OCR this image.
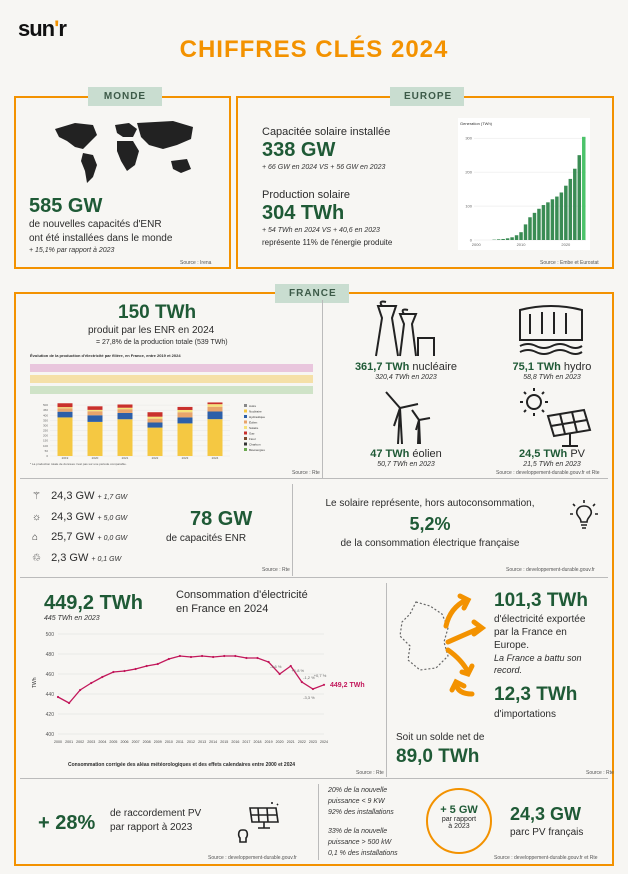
sun'r
CHIFFRES CLÉS 2024
MONDE
585 GW
de nouvelles capacités d'ENR
ont été installées dans le monde
+ 15,1% par rapport à 2023
Source : Irena
EUROPE
Capacitée solaire installée
338 GW
+ 66 GW en 2024 VS + 56 GW en 2023
Production solaire
304 TWh
+ 54 TWh en 2024 VS + 40,6 en 2023
représente 11% de l'énergie produite
Source : Embe et Eurostat
Generation (TWh)
0
100
200
300
2000	2010	2020
FRANCE
150 TWh
produit par les ENR en 2024
= 27,8% de la production totale (539 TWh)
Évolution de la production d'électricité par filière, en France, entre 2019 et 2024
0
50
100
150
200
250
300
350
400
450
500
2019	2020	2021	2022	2023	2024
Autre
Nucléaire
Hydraulique
Éolien
Solaire
Gaz
Fioul
Charbon
Bioénergies
* La production totale de données n'est pas sur une période comparable.
Source : Rte
361,7 TWh nucléaire
320,4 TWh en 2023
75,1 TWh hydro
58,8 TWh en 2023
47 TWh éolien
50,7 TWh en 2023
24,5 TWh PV
21,5 TWh en 2023
Source : developpement-durable.gouv.fr et Rte
⚚ 24,3 GW + 1,7 GW
☼ 24,3 GW + 5,0 GW
⌂ 25,7 GW + 0,0 GW
♲ 2,3 GW + 0,1 GW
78 GW
de capacités ENR
Source : Rte
Le solaire représente, hors autoconsommation,
5,2%
de la consommation électrique française
Source : developpement-durable.gouv.fr
449,2 TWh
445 TWh en 2023
Consommation d'électricité
en France en 2024
400
420
440
460
480
500
TWh
2000 2001 2002 2003 2004 2005 2006 2007 2008 2009 2010 2011 2012 2013 2014 2015 2016 2017 2018 2019 2020 2021 2022 2023 2024
-3,6 %
+1,8 %
-1,2 % +0,7 %
-3,3 %
449,2 TWh
Consommation corrigée des aléas météorologiques et des effets calendaires entre 2000 et 2024
Source : Rte
101,3 TWh
d'électricité exportée
par la France en
Europe.
La France a battu son
record.
12,3 TWh
d'importations
Soit un solde net de
89,0 TWh
Source : Rte
+ 28% de raccordement PV
par rapport à 2023
Source : developpement-durable.gouv.fr
20% de la nouvelle
puissance < 9 KW
92% des installations
33% de la nouvelle
puissance > 500 kW
0,1 % des installations
+ 5 GW
par rapport
à 2023
24,3 GW
parc PV français
Source : developpement-durable.gouv.fr et Rte
